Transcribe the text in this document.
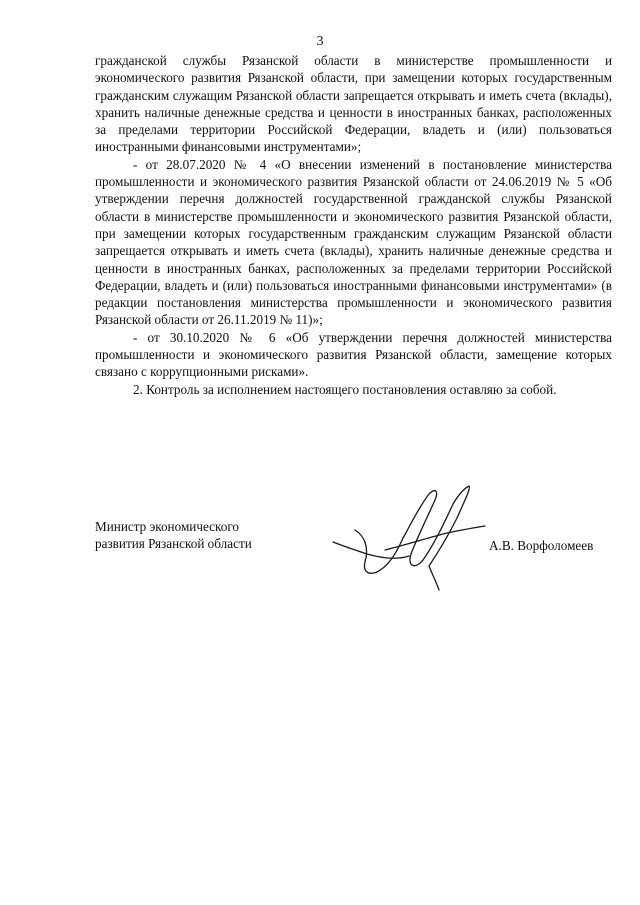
3

гражданской службы Рязанской области в министерстве промышленности и экономического развития Рязанской области, при замещении которых государственным гражданским служащим Рязанской области запрещается открывать и иметь счета (вклады), хранить наличные денежные средства и ценности в иностранных банках, расположенных за пределами территории Российской Федерации, владеть и (или) пользоваться иностранными финансовыми инструментами»;

- от 28.07.2020 № 4 «О внесении изменений в постановление министерства промышленности и экономического развития Рязанской области от 24.06.2019 № 5 «Об утверждении перечня должностей государственной гражданской службы Рязанской области в министерстве промышленности и экономического развития Рязанской области, при замещении которых государственным гражданским служащим Рязанской области запрещается открывать и иметь счета (вклады), хранить наличные денежные средства и ценности в иностранных банках, расположенных за пределами территории Российской Федерации, владеть и (или) пользоваться иностранными финансовыми инструментами» (в редакции постановления министерства промышленности и экономического развития Рязанской области от 26.11.2019 № 11)»;

- от 30.10.2020 № 6 «Об утверждении перечня должностей министерства промышленности и экономического развития Рязанской области, замещение которых связано с коррупционными рисками».

2. Контроль за исполнением настоящего постановления оставляю за собой.

Министр экономического
развития Рязанской области	А.В. Ворфоломеев
